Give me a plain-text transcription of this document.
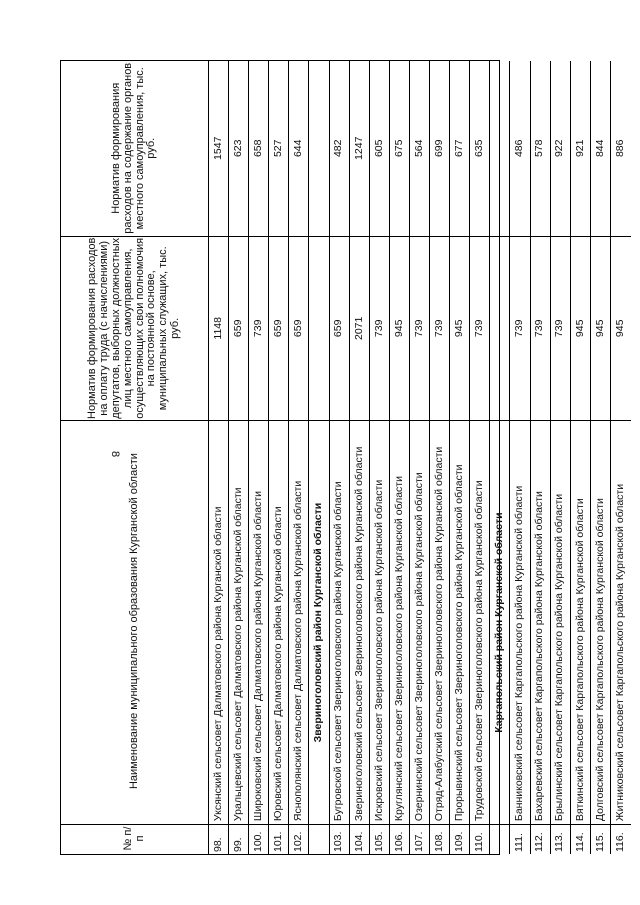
8
№ п/п
Наименование муниципального образования Курганской области
Норматив формирования расходов на оплату труда (с начислениями) депутатов, выборных должностных лиц местного самоуправления, осуществляющих свои полномочия на постоянной основе, муниципальных служащих, тыс. руб.
Норматив формирования расходов на содержание органов местного самоуправления, тыс. руб.
98.
Уксянский сельсовет Далматовского района Курганской области
1148
1547
99.
Уральцевский сельсовет Далматовского района Курганской области
659
623
100.
Широковский сельсовет Далматовского района Курганской области
739
658
101.
Юровский сельсовет Далматовского района Курганской области
659
527
102.
Яснополянский сельсовет Далматовского района Курганской области
659
644
Звериноголовский район Курганской области
103.
Бугровской сельсовет Звериноголовского района Курганской области
659
482
104.
Звериноголовский сельсовет Звериноголовского района Курганской области
2071
1247
105.
Искровский сельсовет Звериноголовского района Курганской области
739
605
106.
Круглянский сельсовет Звериноголовского района Курганской области
945
675
107.
Озернинский сельсовет Звериноголовского района Курганской области
739
564
108.
Отряд-Алабугский сельсовет Звериноголовского района Курганской области
739
699
109.
Прорывинский сельсовет Звериноголовского района Курганской области
945
677
110.
Трудовской сельсовет Звериноголовского района Курганской области
739
635
Каргапольский район Курганской области
111.
Банниковский сельсовет Каргапольского района Курганской области
739
486
112.
Бахаревский сельсовет Каргапольского района Курганской области
739
578
113.
Брылинский сельсовет Каргапольского района Курганской области
739
922
114.
Вяткинский сельсовет Каргапольского района Курганской области
945
921
115.
Долговский сельсовет Каргапольского района Курганской области
945
844
116.
Житниковский сельсовет Каргапольского района Курганской области
945
886
